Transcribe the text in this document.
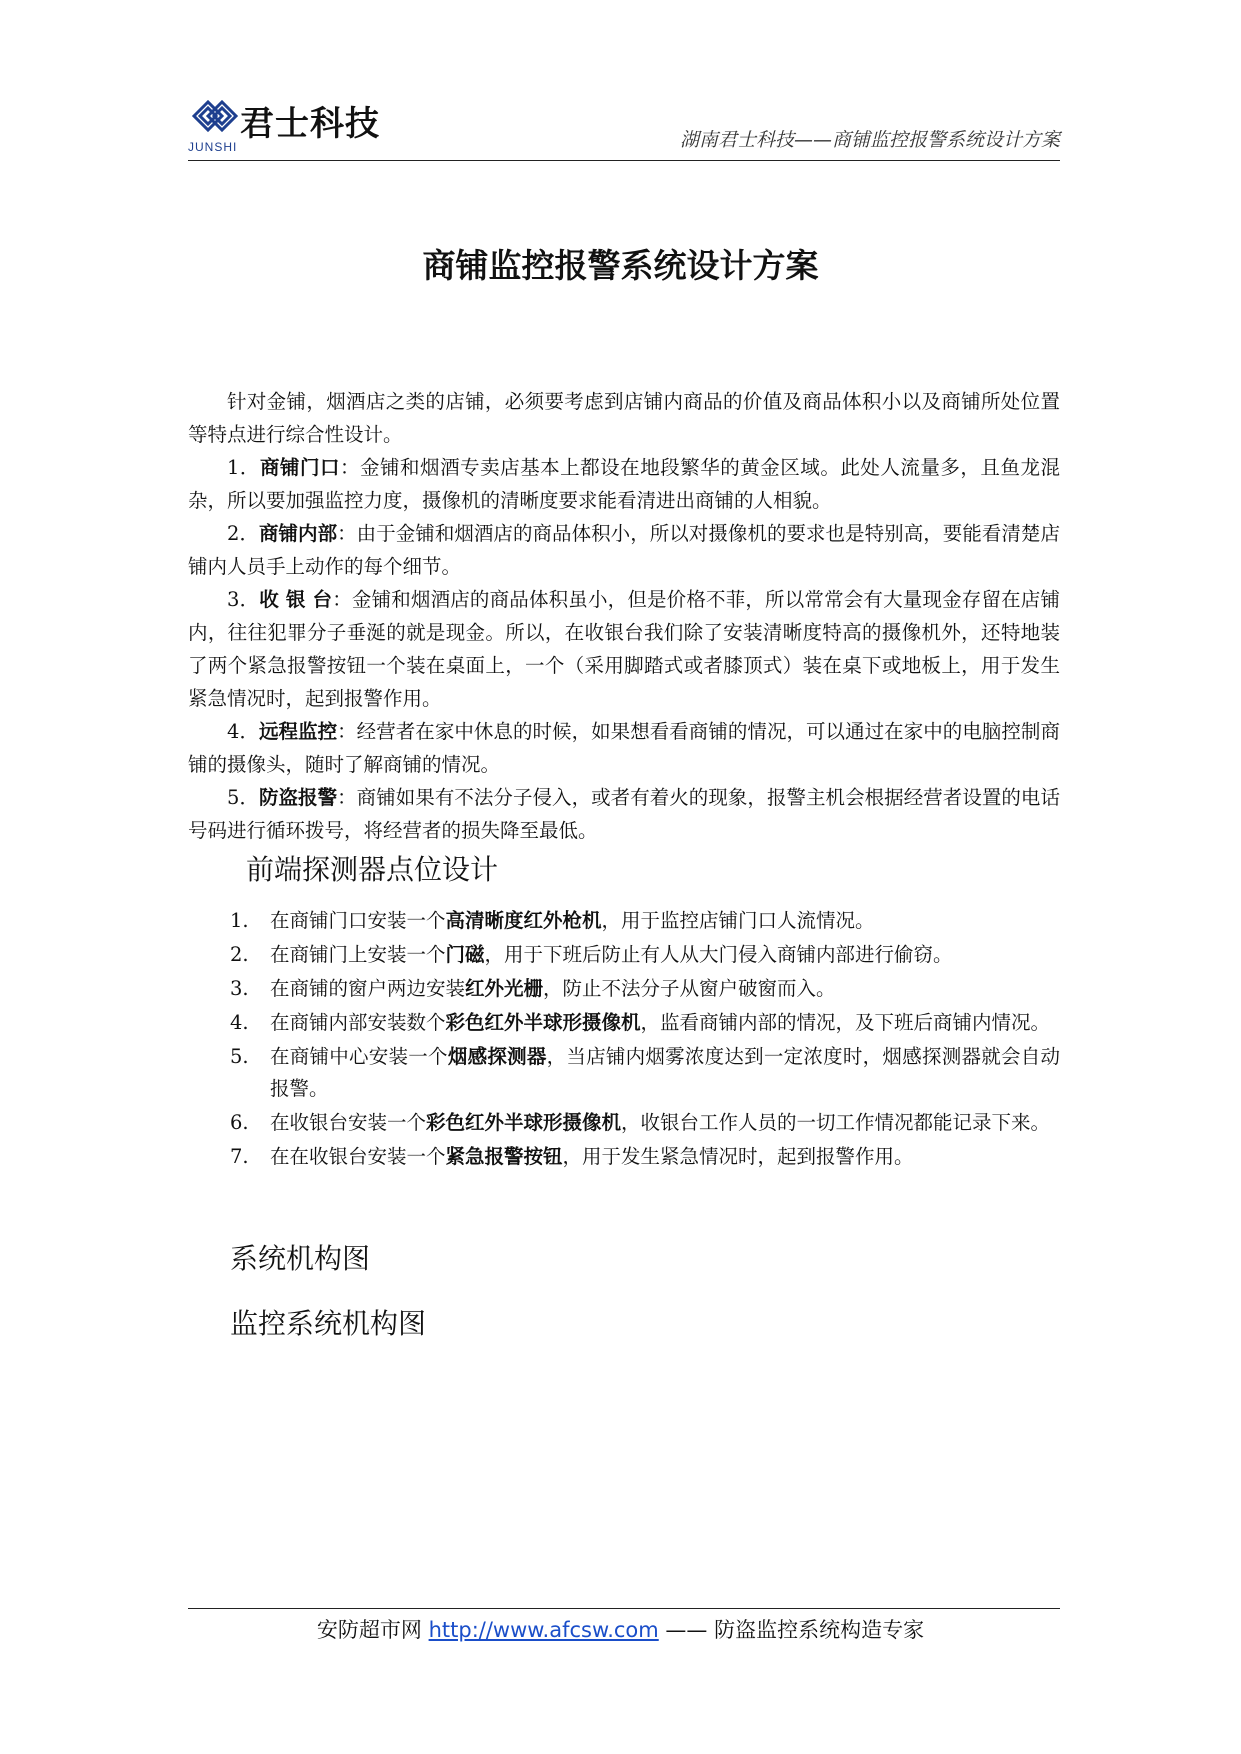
君士科技
JUNSHI	湖南君士科技——商铺监控报警系统设计方案
商铺监控报警系统设计方案

针对金铺，烟酒店之类的店铺，必须要考虑到店铺内商品的价值及商品体积小以及商铺所处位置等特点进行综合性设计。

1．商铺门口：金铺和烟酒专卖店基本上都设在地段繁华的黄金区域。此处人流量多，且鱼龙混杂，所以要加强监控力度，摄像机的清晰度要求能看清进出商铺的人相貌。

2．商铺内部：由于金铺和烟酒店的商品体积小，所以对摄像机的要求也是特别高，要能看清楚店铺内人员手上动作的每个细节。

3．收 银 台：金铺和烟酒店的商品体积虽小，但是价格不菲，所以常常会有大量现金存留在店铺内，往往犯罪分子垂涎的就是现金。所以，在收银台我们除了安装清晰度特高的摄像机外，还特地装了两个紧急报警按钮一个装在桌面上，一个（采用脚踏式或者膝顶式）装在桌下或地板上，用于发生紧急情况时，起到报警作用。

4．远程监控：经营者在家中休息的时候，如果想看看商铺的情况，可以通过在家中的电脑控制商铺的摄像头，随时了解商铺的情况。

5．防盗报警：商铺如果有不法分子侵入，或者有着火的现象，报警主机会根据经营者设置的电话号码进行循环拨号，将经营者的损失降至最低。

前端探测器点位设计
1. 在商铺门口安装一个高清晰度红外枪机，用于监控店铺门口人流情况。
2. 在商铺门上安装一个门磁，用于下班后防止有人从大门侵入商铺内部进行偷窃。
3. 在商铺的窗户两边安装红外光栅，防止不法分子从窗户破窗而入。
4. 在商铺内部安装数个彩色红外半球形摄像机，监看商铺内部的情况，及下班后商铺内情况。
5. 在商铺中心安装一个烟感探测器，当店铺内烟雾浓度达到一定浓度时，烟感探测器就会自动报警。
6. 在收银台安装一个彩色红外半球形摄像机，收银台工作人员的一切工作情况都能记录下来。
7. 在在收银台安装一个紧急报警按钮，用于发生紧急情况时，起到报警作用。
系统机构图
监控系统机构图
安防超市网 http://www.afcsw.com —— 防盗监控系统构造专家
